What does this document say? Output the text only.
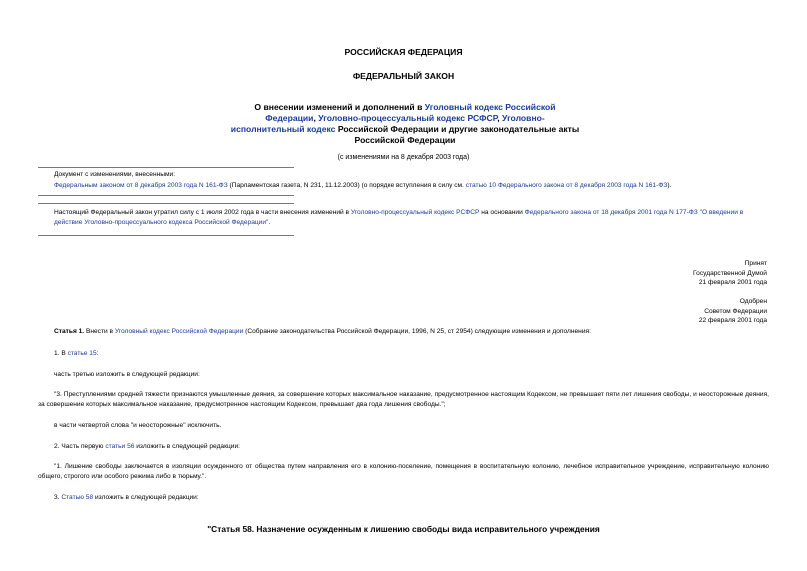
РОССИЙСКАЯ ФЕДЕРАЦИЯ
ФЕДЕРАЛЬНЫЙ ЗАКОН
О внесении изменений и дополнений в Уголовный кодекс Российской Федерации, Уголовно-процессуальный кодекс РСФСР, Уголовно-исполнительный кодекс Российской Федерации и другие законодательные акты Российской Федерации
(с изменениями на 8 декабря 2003 года)
Документ с изменениями, внесенными:
Федеральным законом от 8 декабря 2003 года N 161-ФЗ (Парламентская газета, N 231, 11.12.2003) (о порядке вступления в силу см. статью 10 Федерального закона от 8 декабря 2003 года N 161-ФЗ).
Настоящий Федеральный закон утратил силу с 1 июля 2002 года в части внесения изменений в Уголовно-процессуальный кодекс РСФСР на основании Федерального закона от 18 декабря 2001 года N 177-ФЗ "О введении в действие Уголовно-процессуального кодекса Российской Федерации".
Принят
Государственной Думой
21 февраля 2001 года
Одобрен
Советом Федерации
22 февраля 2001 года
Статья 1. Внести в Уголовный кодекс Российской Федерации (Собрание законодательства Российской Федерации, 1996, N 25, ст 2954) следующие изменения и дополнения:
1. В статье 15:
часть третью изложить в следующей редакции:
"3. Преступлениями средней тяжести признаются умышленные деяния, за совершение которых максимальное наказание, предусмотренное настоящим Кодексом, не превышает пяти лет лишения свободы, и неосторожные деяния, за совершение которых максимальное наказание, предусмотренное настоящим Кодексом, превышает два года лишения свободы.";
в части четвертой слова "и неосторожные" исключить.
2. Часть первую статьи 56 изложить в следующей редакции:
"1. Лишение свободы заключается в изоляции осужденного от общества путем направления его в колонию-поселение, помещения в воспитательную колонию, лечебное исправительное учреждение, исправительную колонию общего, строгого или особого режима либо в тюрьму.".
3. Статью 58 изложить в следующей редакции:
"Статья 58. Назначение осужденным к лишению свободы вида исправительного учреждения
